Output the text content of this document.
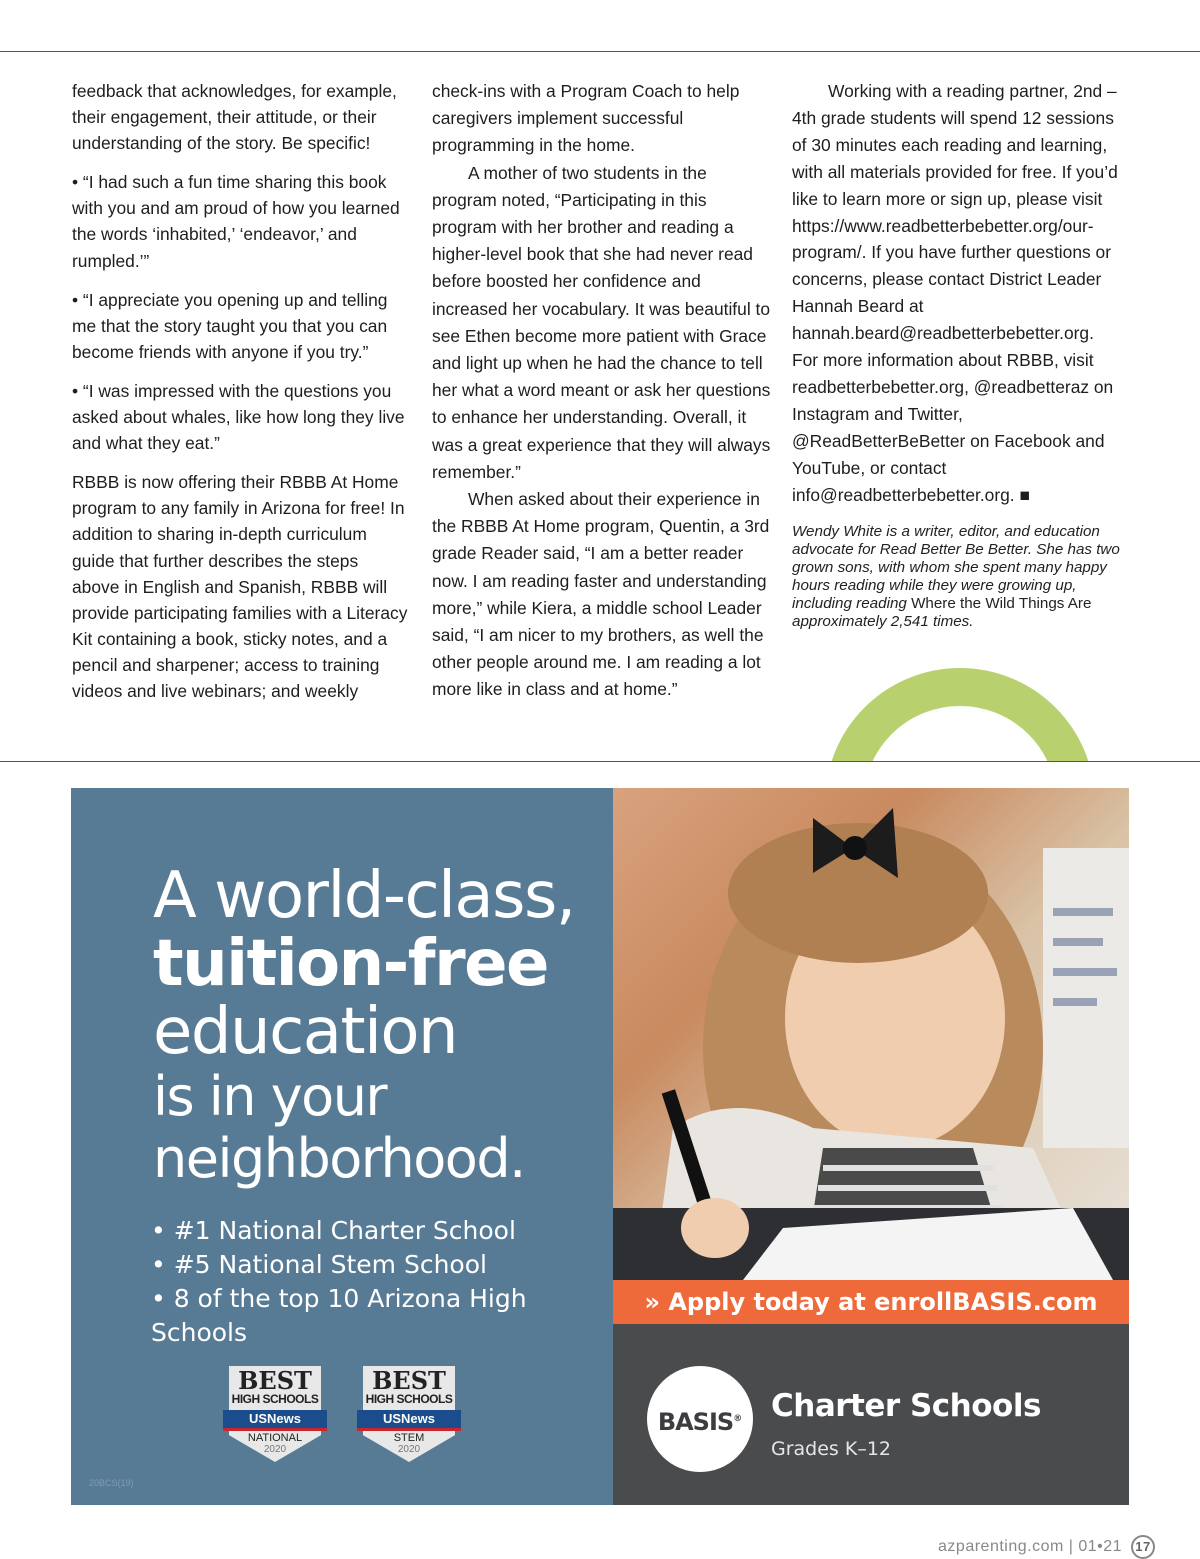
feedback that acknowledges, for example, their engagement, their attitude, or their understanding of the story. Be specific!

• “I had such a fun time sharing this book with you and am proud of how you learned the words ‘inhabited,’ ‘endeavor,’ and rumpled.’”

• “I appreciate you opening up and telling me that the story taught you that you can become friends with anyone if you try.”

• “I was impressed with the questions you asked about whales, like how long they live and what they eat.”

RBBB is now offering their RBBB At Home program to any family in Arizona for free! In addition to sharing in-depth curriculum guide that further describes the steps above in English and Spanish, RBBB will provide participating families with a Literacy Kit containing a book, sticky notes, and a pencil and sharpener; access to training videos and live webinars; and weekly

check-ins with a Program Coach to help caregivers implement successful programming in the home.

A mother of two students in the program noted, “Participating in this program with her brother and reading a higher-level book that she had never read before boosted her confidence and increased her vocabulary. It was beautiful to see Ethen become more patient with Grace and light up when he had the chance to tell her what a word meant or ask her questions to enhance her understanding. Overall, it was a great experience that they will always remember.”

When asked about their experience in the RBBB At Home program, Quentin, a 3rd grade Reader said, “I am a better reader now. I am reading faster and understanding more,” while Kiera, a middle school Leader said, “I am nicer to my brothers, as well the other people around me. I am reading a lot more like in class and at home.”

Working with a reading partner, 2nd – 4th grade students will spend 12 sessions of 30 minutes each reading and learning, with all materials provided for free. If you’d like to learn more or sign up, please visit https://www.readbetterbebetter.org/our-program/. If you have further questions or concerns, please contact District Leader Hannah Beard at hannah.beard@readbetterbebetter.org.

For more information about RBBB, visit readbetterbebetter.org, @readbetteraz on Instagram and Twitter, @ReadBetterBeBetter on Facebook and YouTube, or contact info@readbetterbebetter.org. ■

Wendy White is a writer, editor, and education advocate for Read Better Be Better. She has two grown sons, with whom she spent many happy hours reading while they were growing up, including reading Where the Wild Things Are approximately 2,541 times.

A world-class,
tuition-free
education
is in your
neighborhood.
• #1 National Charter School
• #5 National Stem School
• 8 of the top 10 Arizona High Schools
BEST
HIGH SCHOOLS
USNews
NATIONAL
2020
BEST
HIGH SCHOOLS
USNews
STEM
2020
20BCS(19)
» Apply today at enrollBASIS.com
BASIS® Charter Schools
Grades K–12
azparenting.com | 01•21 17
